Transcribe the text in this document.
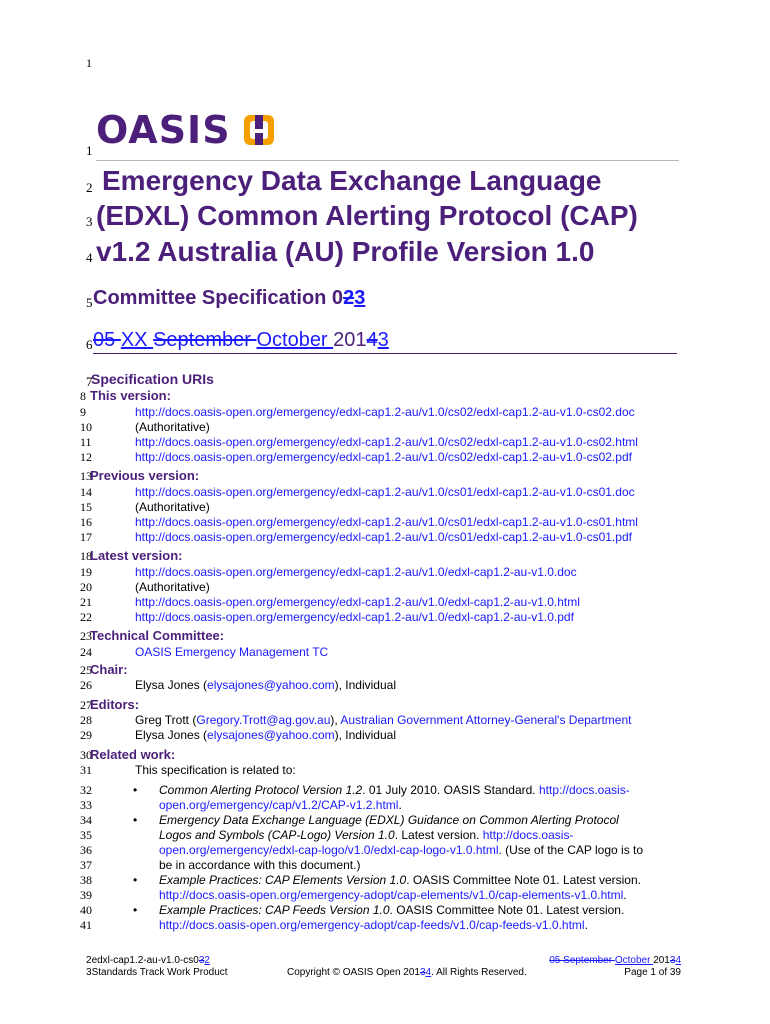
1
OASIS
1
2 Emergency Data Exchange Language
3 (EDXL) Common Alerting Protocol (CAP)
4 v1.2 Australia (AU) Profile Version 1.0
5 Committee Specification 023
6 05 XX September October 20143
7
Specification URIs
8 This version:
9	http://docs.oasis-open.org/emergency/edxl-cap1.2-au/v1.0/cs02/edxl-cap1.2-au-v1.0-cs02.doc
10	(Authoritative)
11	http://docs.oasis-open.org/emergency/edxl-cap1.2-au/v1.0/cs02/edxl-cap1.2-au-v1.0-cs02.html
12	http://docs.oasis-open.org/emergency/edxl-cap1.2-au/v1.0/cs02/edxl-cap1.2-au-v1.0-cs02.pdf
13
Previous version:
14	http://docs.oasis-open.org/emergency/edxl-cap1.2-au/v1.0/cs01/edxl-cap1.2-au-v1.0-cs01.doc
15	(Authoritative)
16	http://docs.oasis-open.org/emergency/edxl-cap1.2-au/v1.0/cs01/edxl-cap1.2-au-v1.0-cs01.html
17	http://docs.oasis-open.org/emergency/edxl-cap1.2-au/v1.0/cs01/edxl-cap1.2-au-v1.0-cs01.pdf
18
Latest version:
19	http://docs.oasis-open.org/emergency/edxl-cap1.2-au/v1.0/edxl-cap1.2-au-v1.0.doc
20	(Authoritative)
21	http://docs.oasis-open.org/emergency/edxl-cap1.2-au/v1.0/edxl-cap1.2-au-v1.0.html
22	http://docs.oasis-open.org/emergency/edxl-cap1.2-au/v1.0/edxl-cap1.2-au-v1.0.pdf
23
Technical Committee:
24	OASIS Emergency Management TC
25
Chair:
26	Elysa Jones (elysajones@yahoo.com), Individual
27
Editors:
28	Greg Trott (Gregory.Trott@ag.gov.au), Australian Government Attorney-General's Department
29	Elysa Jones (elysajones@yahoo.com), Individual
30
Related work:
31	This specification is related to:
32	• Common Alerting Protocol Version 1.2. 01 July 2010. OASIS Standard. http://docs.oasis-
33	open.org/emergency/cap/v1.2/CAP-v1.2.html.
34	• Emergency Data Exchange Language (EDXL) Guidance on Common Alerting Protocol
35	Logos and Symbols (CAP-Logo) Version 1.0. Latest version. http://docs.oasis-
36	open.org/emergency/edxl-cap-logo/v1.0/edxl-cap-logo-v1.0.html. (Use of the CAP logo is to
37	be in accordance with this document.)
38	• Example Practices: CAP Elements Version 1.0. OASIS Committee Note 01. Latest version.
39	http://docs.oasis-open.org/emergency-adopt/cap-elements/v1.0/cap-elements-v1.0.html.
40	• Example Practices: CAP Feeds Version 1.0. OASIS Committee Note 01. Latest version.
41	http://docs.oasis-open.org/emergency-adopt/cap-feeds/v1.0/cap-feeds-v1.0.html.
2edxl-cap1.2-au-v1.0-cs032
3Standards Track Work Product	Copyright © OASIS Open 20134. All Rights Reserved.
05 September October 20134
Page 1 of 39
